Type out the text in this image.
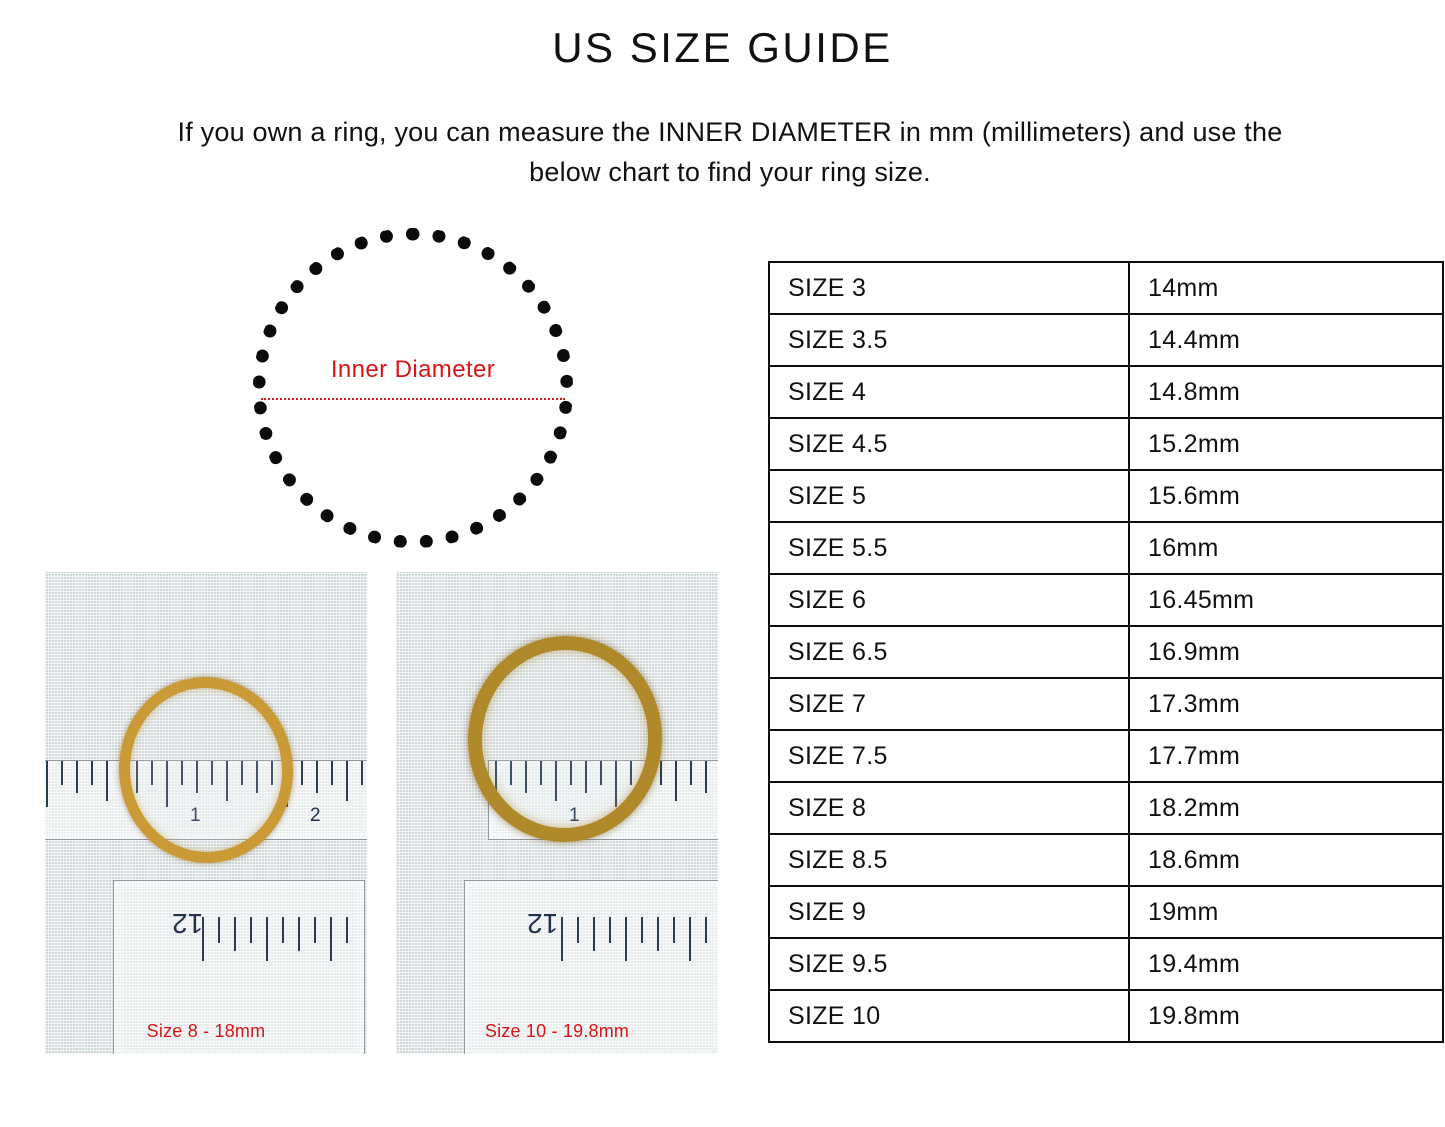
US SIZE GUIDE
If you own a ring, you can measure the INNER DIAMETER in mm (millimeters) and use the below chart to find your ring size.
Inner Diameter
1	2
12
Size 8 - 18mm
1
12
Size 10 - 19.8mm
SIZE 3	14mm
SIZE 3.5	14.4mm
SIZE 4	14.8mm
SIZE 4.5	15.2mm
SIZE 5	15.6mm
SIZE 5.5	16mm
SIZE 6	16.45mm
SIZE 6.5	16.9mm
SIZE 7	17.3mm
SIZE 7.5	17.7mm
SIZE 8	18.2mm
SIZE 8.5	18.6mm
SIZE 9	19mm
SIZE 9.5	19.4mm
SIZE 10	19.8mm
